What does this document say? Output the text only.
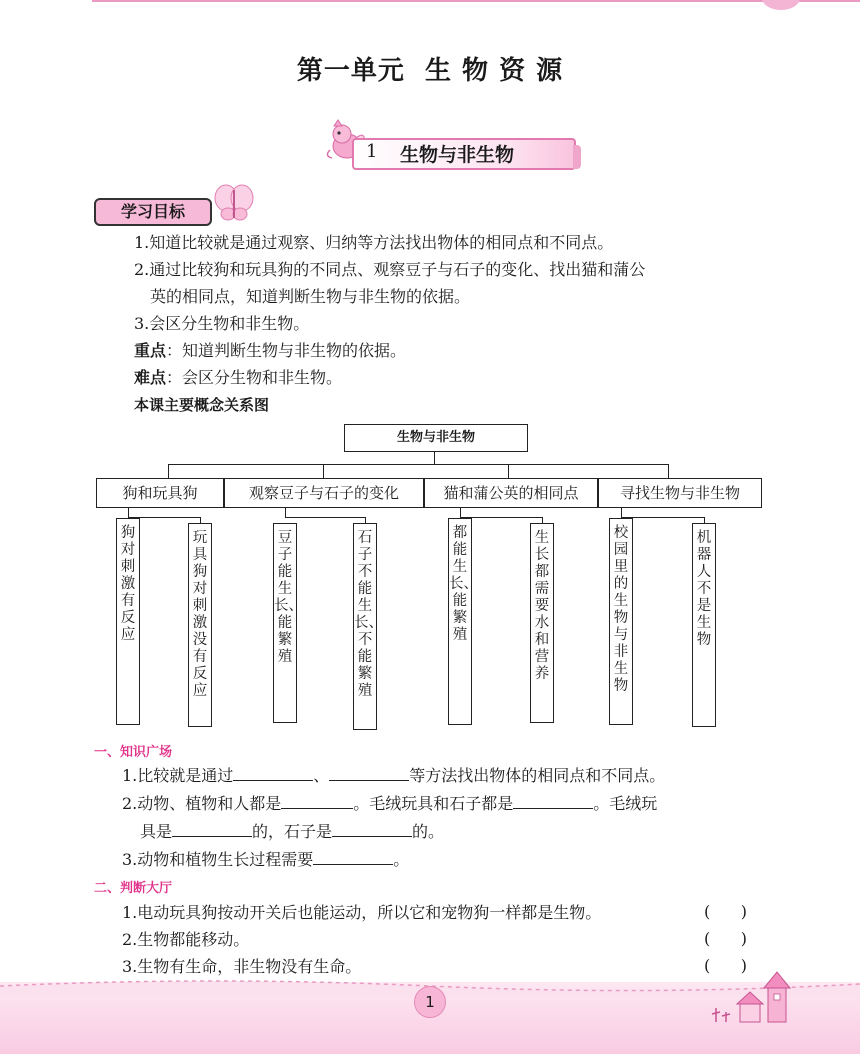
第一单元  生 物 资 源
1 生物与非生物
学习目标
1.知道比较就是通过观察、归纳等方法找出物体的相同点和不同点。
2.通过比较狗和玩具狗的不同点、观察豆子与石子的变化、找出猫和蒲公
英的相同点，知道判断生物与非生物的依据。
3.会区分生物和非生物。
重点：知道判断生物与非生物的依据。
难点：会区分生物和非生物。
本课主要概念关系图
生物与非生物
狗和玩具狗	观察豆子与石子的变化	猫和蒲公英的相同点	寻找生物与非生物
狗对刺激有反应
玩具狗对刺激没有反应
豆子能生长、能繁殖
石子不能生长、不能繁殖
都能生长、能繁殖
生长都需要水和营养
校园里的生物与非生物
机器人不是生物
一、知识广场
1.比较就是通过	、	等方法找出物体的相同点和不同点。
2.动物、植物和人都是	。毛绒玩具和石子都是	。毛绒玩
具是	的，石子是	的。
3.动物和植物生长过程需要	。
二、判断大厅
1.电动玩具狗按动开关后也能运动，所以它和宠物狗一样都是生物。	(      )
2.生物都能移动。	(      )
3.生物有生命，非生物没有生命。	(      )
1
